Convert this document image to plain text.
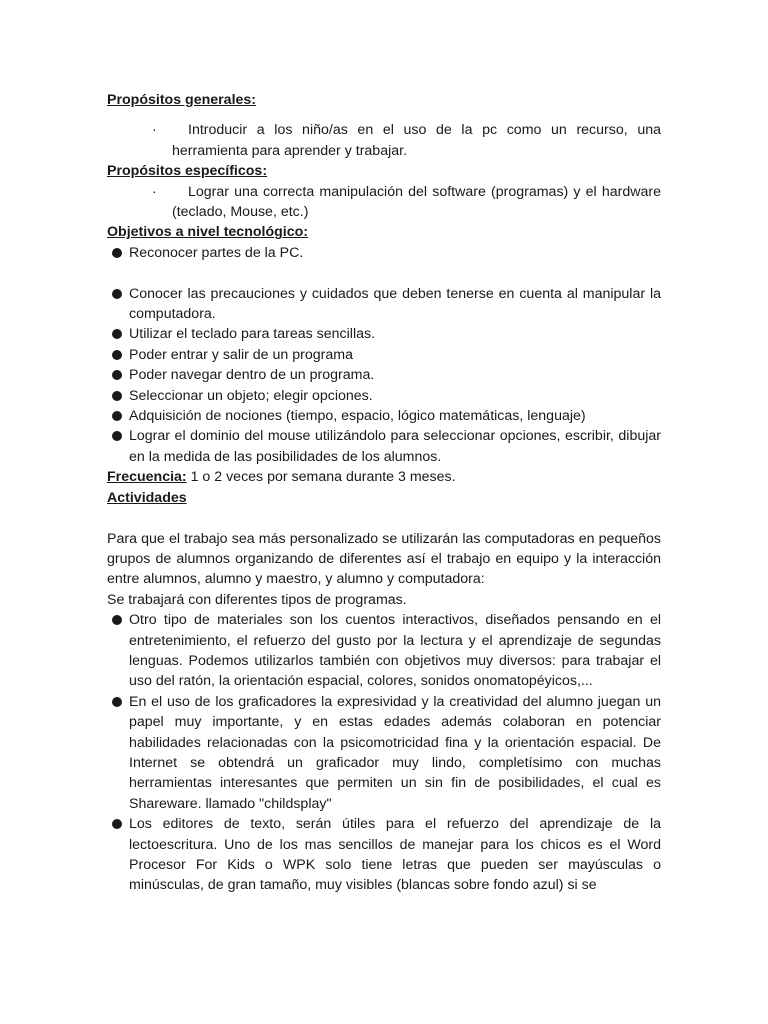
Propósitos generales:

·	Introducir a los niño/as en el uso de la pc como un recurso, una herramienta para aprender y trabajar.

Propósitos específicos:

·	Lograr una correcta manipulación del software (programas) y el hardware (teclado, Mouse, etc.)

Objetivos a nivel tecnológico:

Reconocer partes de la PC.
Conocer las precauciones y cuidados que deben tenerse en cuenta al manipular la computadora.
Utilizar el teclado para tareas sencillas.
Poder entrar y salir de un programa
Poder navegar dentro de un programa.
Seleccionar un objeto; elegir opciones.
Adquisición de nociones (tiempo, espacio, lógico matemáticas, lenguaje)
Lograr el dominio del mouse utilizándolo para seleccionar opciones, escribir, dibujar en la medida de las posibilidades de los alumnos.

Frecuencia: 1 o 2 veces por semana durante 3 meses.

Actividades

Para que el trabajo sea más personalizado se utilizarán las computadoras en pequeños grupos de alumnos organizando de diferentes así el trabajo en equipo y la interacción entre alumnos, alumno y maestro, y alumno y computadora:

Se trabajará con diferentes tipos de programas.

Otro tipo de materiales son los cuentos interactivos, diseñados pensando en el entretenimiento, el refuerzo del gusto por la lectura y el aprendizaje de segundas lenguas. Podemos utilizarlos también con objetivos muy diversos: para trabajar el uso del ratón, la orientación espacial, colores, sonidos onomatopéyicos,...
En el uso de los graficadores la expresividad y la creatividad del alumno juegan un papel muy importante, y en estas edades además colaboran en potenciar habilidades relacionadas con la psicomotricidad fina y la orientación espacial. De Internet se obtendrá un graficador muy lindo, completísimo con muchas herramientas interesantes que permiten un sin fin de posibilidades, el cual es Shareware. llamado "childsplay"
Los editores de texto, serán útiles para el refuerzo del aprendizaje de la lectoescritura. Uno de los mas sencillos de manejar para los chicos es el Word Procesor For Kids o WPK solo tiene letras que pueden ser mayúsculas o minúsculas, de gran tamaño, muy visibles (blancas sobre fondo azul) si se
